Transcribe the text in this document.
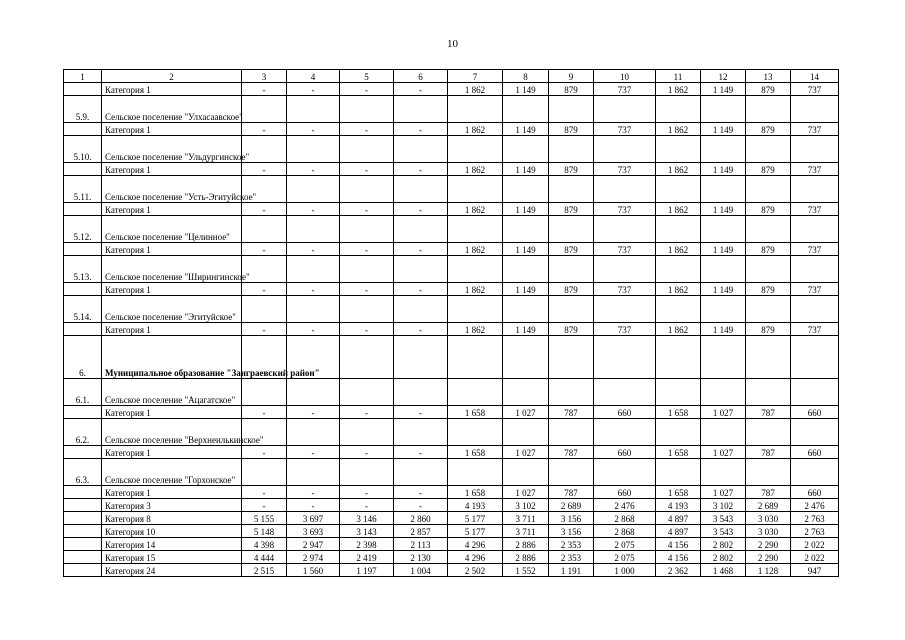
10
1	2	3	4	5	6	7	8	9	10	11	12	13	14
	Категория 1	-	-	-	-	1 862	1 149	879	737	1 862	1 149	879	737
5.9.	Сельское поселение "Улхасаавское"												
	Категория 1	-	-	-	-	1 862	1 149	879	737	1 862	1 149	879	737
5.10.	Сельское поселение "Ульдургинское"												
	Категория 1	-	-	-	-	1 862	1 149	879	737	1 862	1 149	879	737
5.11.	Сельское поселение "Усть-Эгитуйское"												
	Категория 1	-	-	-	-	1 862	1 149	879	737	1 862	1 149	879	737
5.12.	Сельское поселение "Целинное"												
	Категория 1	-	-	-	-	1 862	1 149	879	737	1 862	1 149	879	737
5.13.	Сельское поселение "Ширингинское"												
	Категория 1	-	-	-	-	1 862	1 149	879	737	1 862	1 149	879	737
5.14.	Сельское поселение "Эгитуйское"												
	Категория 1	-	-	-	-	1 862	1 149	879	737	1 862	1 149	879	737
6.	Муниципальное образование "Заиграевский район"												
6.1.	Сельское поселение "Ацагатское"												
	Категория 1	-	-	-	-	1 658	1 027	787	660	1 658	1 027	787	660
6.2.	Сельское поселение "Верхнеилькинское"												
	Категория 1	-	-	-	-	1 658	1 027	787	660	1 658	1 027	787	660
6.3.	Сельское поселение "Горхонское"												
	Категория 1	-	-	-	-	1 658	1 027	787	660	1 658	1 027	787	660
	Категория 3	-	-	-	-	4 193	3 102	2 689	2 476	4 193	3 102	2 689	2 476
	Категория 8	5 155	3 697	3 146	2 860	5 177	3 711	3 156	2 868	4 897	3 543	3 030	2 763
	Категория 10	5 148	3 693	3 143	2 857	5 177	3 711	3 156	2 868	4 897	3 543	3 030	2 763
	Категория 14	4 398	2 947	2 398	2 113	4 296	2 886	2 353	2 075	4 156	2 802	2 290	2 022
	Категория 15	4 444	2 974	2 419	2 130	4 296	2 886	2 353	2 075	4 156	2 802	2 290	2 022
	Категория 24	2 515	1 560	1 197	1 004	2 502	1 552	1 191	1 000	2 362	1 468	1 128	947
